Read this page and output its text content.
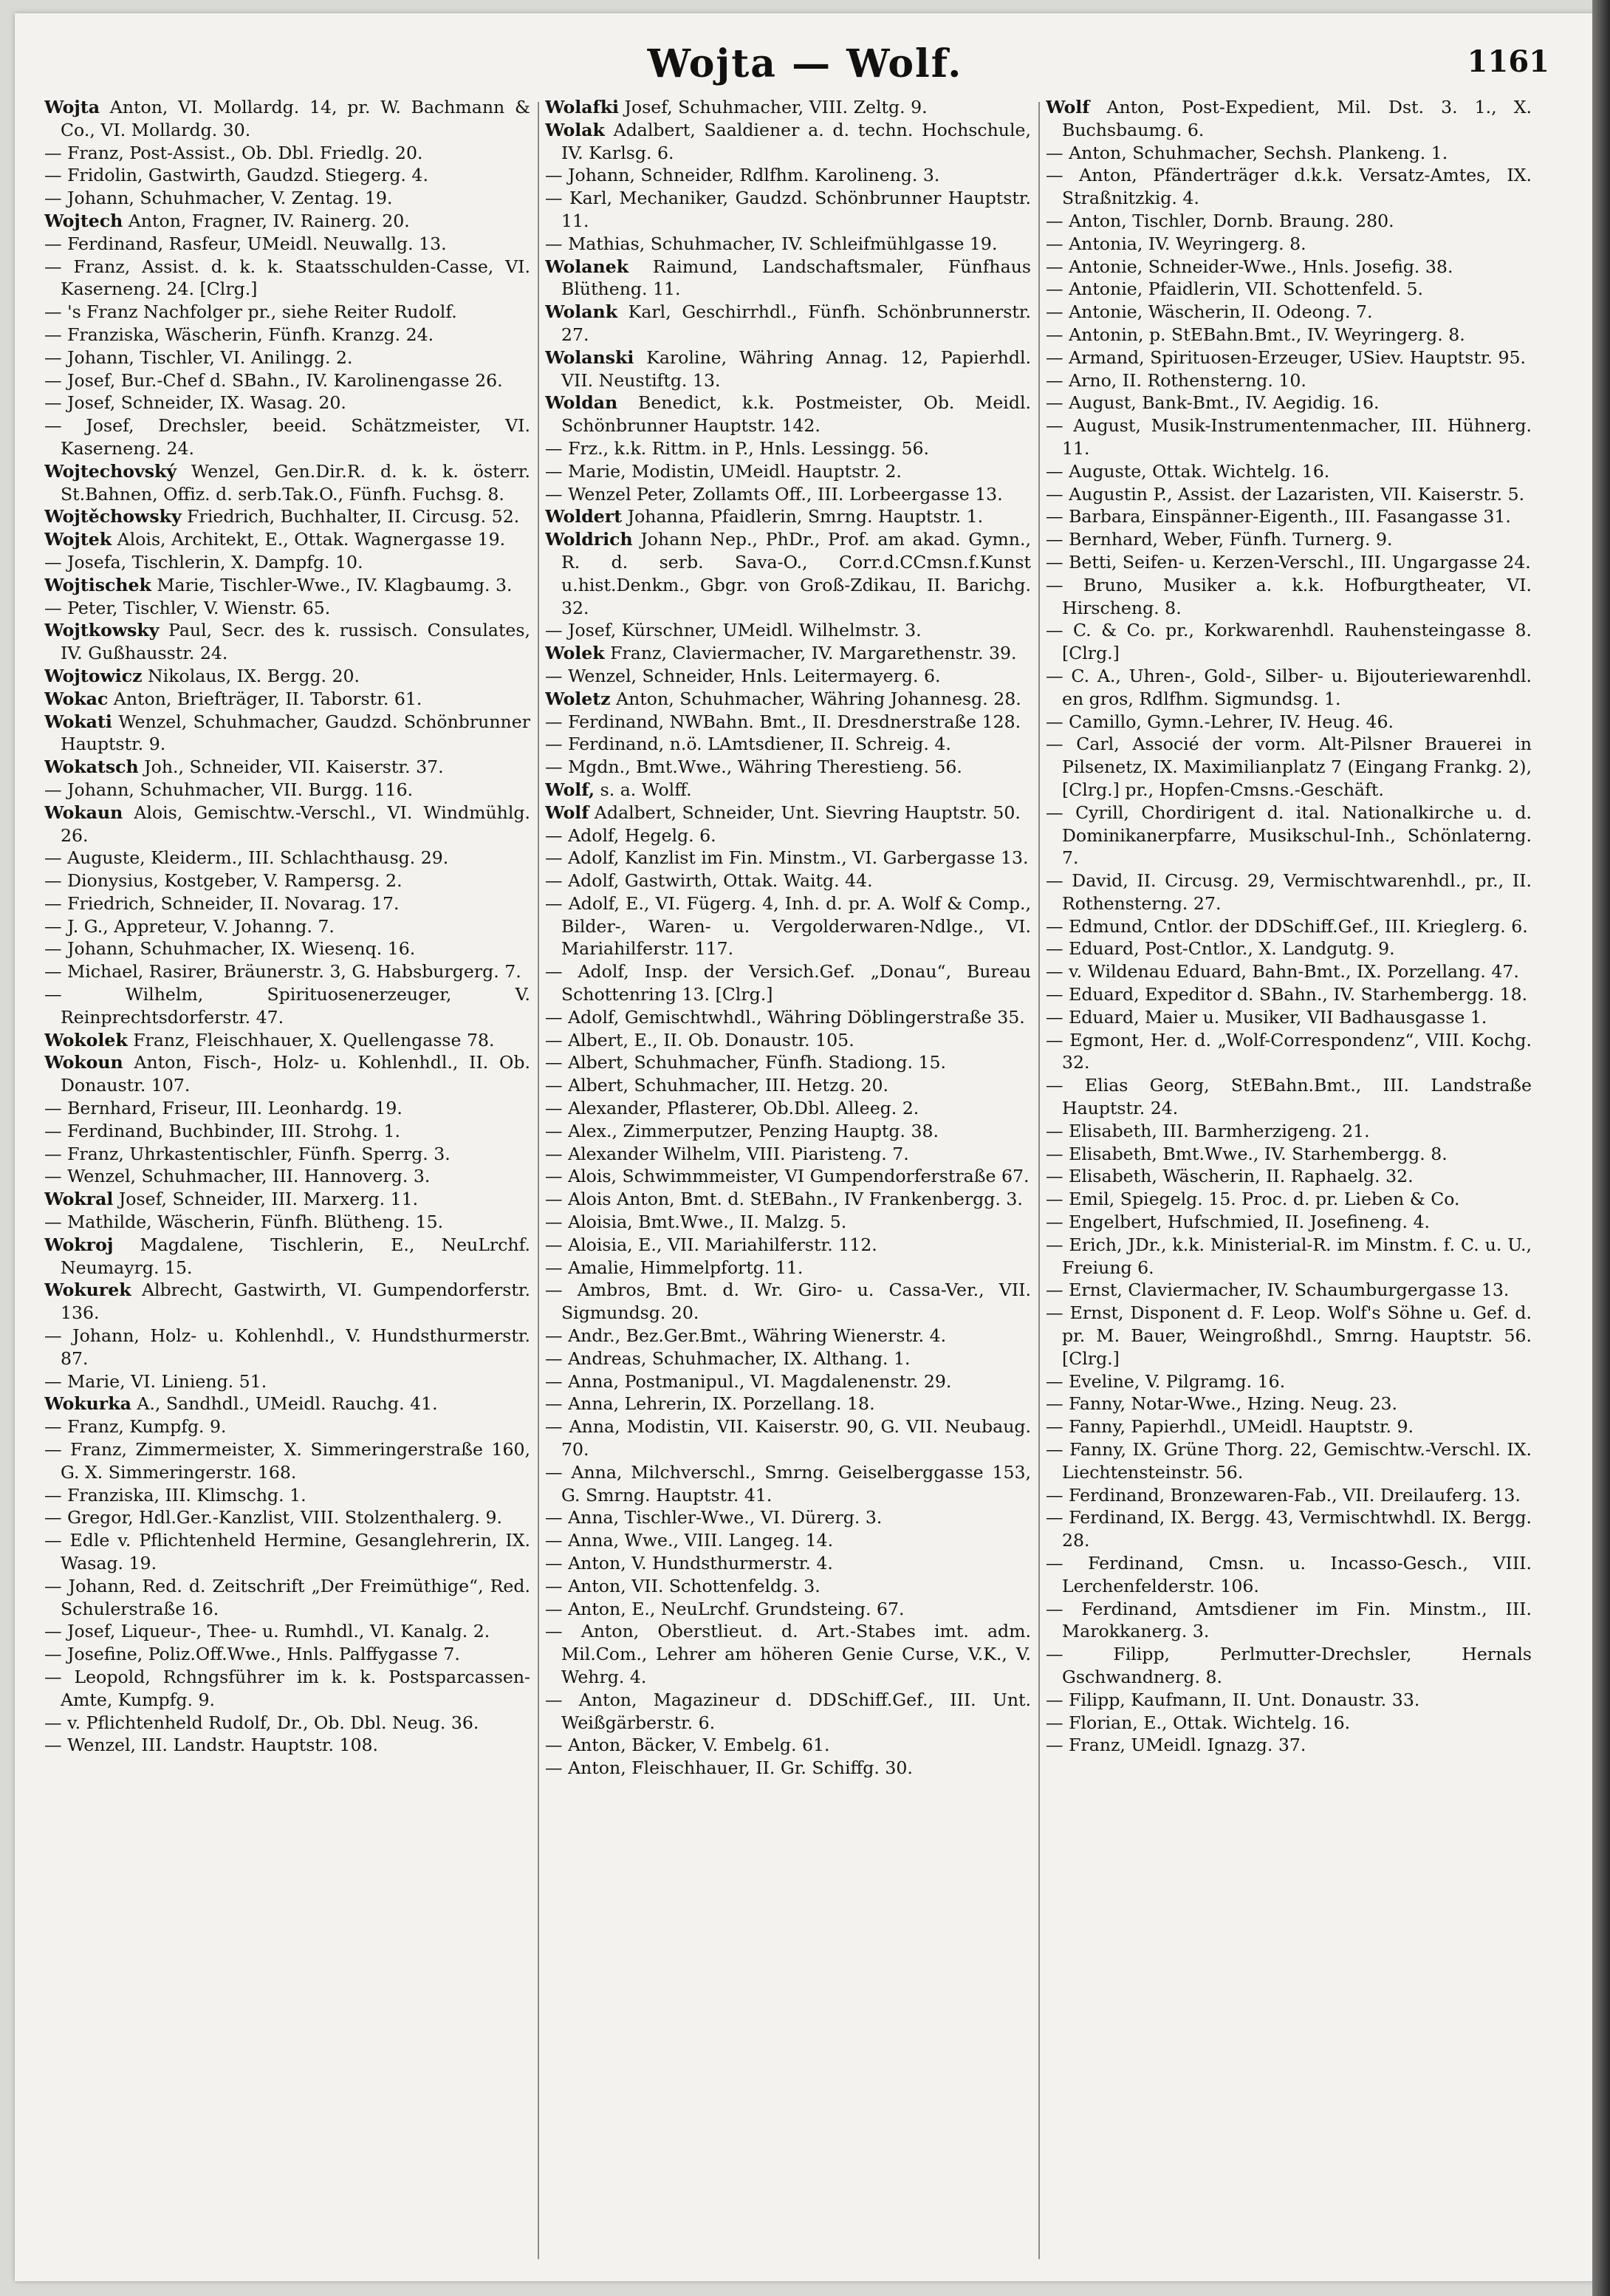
Wojta — Wolf.	1161

Wojta Anton, VI. Mollardg. 14, pr. W. Bachmann & Co., VI. Mollardg. 30.

— Franz, Post-Assist., Ob. Dbl. Friedlg. 20.

— Fridolin, Gastwirth, Gaudzd. Stiegerg. 4.

— Johann, Schuhmacher, V. Zentag. 19.

Wojtech Anton, Fragner, IV. Rainerg. 20.

— Ferdinand, Rasfeur, UMeidl. Neuwallg. 13.

— Franz, Assist. d. k. k. Staatsschulden-Casse, VI. Kaserneng. 24. [Clrg.]

— 's Franz Nachfolger pr., siehe Reiter Rudolf.

— Franziska, Wäscherin, Fünfh. Kranzg. 24.

— Johann, Tischler, VI. Anilingg. 2.

— Josef, Bur.-Chef d. SBahn., IV. Karolinengasse 26.

— Josef, Schneider, IX. Wasag. 20.

— Josef, Drechsler, beeid. Schätzmeister, VI. Kaserneng. 24.

Wojtechovský Wenzel, Gen.Dir.R. d. k. k. österr. St.Bahnen, Offiz. d. serb.Tak.O., Fünfh. Fuchsg. 8.

Wojtěchowsky Friedrich, Buchhalter, II. Circusg. 52.

Wojtek Alois, Architekt, E., Ottak. Wagnergasse 19.

— Josefa, Tischlerin, X. Dampfg. 10.

Wojtischek Marie, Tischler-Wwe., IV. Klagbaumg. 3.

— Peter, Tischler, V. Wienstr. 65.

Wojtkowsky Paul, Secr. des k. russisch. Consulates, IV. Gußhausstr. 24.

Wojtowicz Nikolaus, IX. Bergg. 20.

Wokac Anton, Briefträger, II. Taborstr. 61.

Wokati Wenzel, Schuhmacher, Gaudzd. Schönbrunner Hauptstr. 9.

Wokatsch Joh., Schneider, VII. Kaiserstr. 37.

— Johann, Schuhmacher, VII. Burgg. 116.

Wokaun Alois, Gemischtw.-Verschl., VI. Windmühlg. 26.

— Auguste, Kleiderm., III. Schlachthausg. 29.

— Dionysius, Kostgeber, V. Rampersg. 2.

— Friedrich, Schneider, II. Novarag. 17.

— J. G., Appreteur, V. Johanng. 7.

— Johann, Schuhmacher, IX. Wiesenq. 16.

— Michael, Rasirer, Bräunerstr. 3, G. Habsburgerg. 7.

— Wilhelm, Spirituosenerzeuger, V. Reinprechtsdorferstr. 47.

Wokolek Franz, Fleischhauer, X. Quellengasse 78.

Wokoun Anton, Fisch-, Holz- u. Kohlenhdl., II. Ob. Donaustr. 107.

— Bernhard, Friseur, III. Leonhardg. 19.

— Ferdinand, Buchbinder, III. Strohg. 1.

— Franz, Uhrkastentischler, Fünfh. Sperrg. 3.

— Wenzel, Schuhmacher, III. Hannoverg. 3.

Wokral Josef, Schneider, III. Marxerg. 11.

— Mathilde, Wäscherin, Fünfh. Blütheng. 15.

Wokroj Magdalene, Tischlerin, E., NeuLrchf. Neumayrg. 15.

Wokurek Albrecht, Gastwirth, VI. Gumpendorferstr. 136.

— Johann, Holz- u. Kohlenhdl., V. Hundsthurmerstr. 87.

— Marie, VI. Linieng. 51.

Wokurka A., Sandhdl., UMeidl. Rauchg. 41.

— Franz, Kumpfg. 9.

— Franz, Zimmermeister, X. Simmeringerstraße 160, G. X. Simmeringerstr. 168.

— Franziska, III. Klimschg. 1.

— Gregor, Hdl.Ger.-Kanzlist, VIII. Stolzenthalerg. 9.

— Edle v. Pflichtenheld Hermine, Gesanglehrerin, IX. Wasag. 19.

— Johann, Red. d. Zeitschrift „Der Freimüthige“, Red. Schulerstraße 16.

— Josef, Liqueur-, Thee- u. Rumhdl., VI. Kanalg. 2.

— Josefine, Poliz.Off.Wwe., Hnls. Palffygasse 7.

— Leopold, Rchngsführer im k. k. Postsparcassen-Amte, Kumpfg. 9.

— v. Pflichtenheld Rudolf, Dr., Ob. Dbl. Neug. 36.

— Wenzel, III. Landstr. Hauptstr. 108.

Wolafki Josef, Schuhmacher, VIII. Zeltg. 9.

Wolak Adalbert, Saaldiener a. d. techn. Hochschule, IV. Karlsg. 6.

— Johann, Schneider, Rdlfhm. Karolineng. 3.

— Karl, Mechaniker, Gaudzd. Schönbrunner Hauptstr. 11.

— Mathias, Schuhmacher, IV. Schleifmühlgasse 19.

Wolanek Raimund, Landschaftsmaler, Fünfhaus Blütheng. 11.

Wolank Karl, Geschirrhdl., Fünfh. Schönbrunnerstr. 27.

Wolanski Karoline, Währing Annag. 12, Papierhdl. VII. Neustiftg. 13.

Woldan Benedict, k.k. Postmeister, Ob. Meidl. Schönbrunner Hauptstr. 142.

— Frz., k.k. Rittm. in P., Hnls. Lessingg. 56.

— Marie, Modistin, UMeidl. Hauptstr. 2.

— Wenzel Peter, Zollamts Off., III. Lorbeergasse 13.

Woldert Johanna, Pfaidlerin, Smrng. Hauptstr. 1.

Woldrich Johann Nep., PhDr., Prof. am akad. Gymn., R. d. serb. Sava-O., Corr.d.CCmsn.f.Kunst u.hist.Denkm., Gbgr. von Groß-Zdikau, II. Barichg. 32.

— Josef, Kürschner, UMeidl. Wilhelmstr. 3.

Wolek Franz, Claviermacher, IV. Margarethenstr. 39.

— Wenzel, Schneider, Hnls. Leitermayerg. 6.

Woletz Anton, Schuhmacher, Währing Johannesg. 28.

— Ferdinand, NWBahn. Bmt., II. Dresdnerstraße 128.

— Ferdinand, n.ö. LAmtsdiener, II. Schreig. 4.

— Mgdn., Bmt.Wwe., Währing Therestieng. 56.

Wolf, s. a. Wolff.

Wolf Adalbert, Schneider, Unt. Sievring Hauptstr. 50.

— Adolf, Hegelg. 6.

— Adolf, Kanzlist im Fin. Minstm., VI. Garbergasse 13.

— Adolf, Gastwirth, Ottak. Waitg. 44.

— Adolf, E., VI. Fügerg. 4, Inh. d. pr. A. Wolf & Comp., Bilder-, Waren- u. Vergolderwaren-Ndlge., VI. Mariahilferstr. 117.

— Adolf, Insp. der Versich.Gef. „Donau“, Bureau Schottenring 13. [Clrg.]

— Adolf, Gemischtwhdl., Währing Döblingerstraße 35.

— Albert, E., II. Ob. Donaustr. 105.

— Albert, Schuhmacher, Fünfh. Stadiong. 15.

— Albert, Schuhmacher, III. Hetzg. 20.

— Alexander, Pflasterer, Ob.Dbl. Alleeg. 2.

— Alex., Zimmerputzer, Penzing Hauptg. 38.

— Alexander Wilhelm, VIII. Piaristeng. 7.

— Alois, Schwimmmeister, VI Gumpendorferstraße 67.

— Alois Anton, Bmt. d. StEBahn., IV Frankenbergg. 3.

— Aloisia, Bmt.Wwe., II. Malzg. 5.

— Aloisia, E., VII. Mariahilferstr. 112.

— Amalie, Himmelpfortg. 11.

— Ambros, Bmt. d. Wr. Giro- u. Cassa-Ver., VII. Sigmundsg. 20.

— Andr., Bez.Ger.Bmt., Währing Wienerstr. 4.

— Andreas, Schuhmacher, IX. Althang. 1.

— Anna, Postmanipul., VI. Magdalenenstr. 29.

— Anna, Lehrerin, IX. Porzellang. 18.

— Anna, Modistin, VII. Kaiserstr. 90, G. VII. Neubaug. 70.

— Anna, Milchverschl., Smrng. Geiselberggasse 153, G. Smrng. Hauptstr. 41.

— Anna, Tischler-Wwe., VI. Dürerg. 3.

— Anna, Wwe., VIII. Langeg. 14.

— Anton, V. Hundsthurmerstr. 4.

— Anton, VII. Schottenfeldg. 3.

— Anton, E., NeuLrchf. Grundsteing. 67.

— Anton, Oberstlieut. d. Art.-Stabes imt. adm. Mil.Com., Lehrer am höheren Genie Curse, V.K., V. Wehrg. 4.

— Anton, Magazineur d. DDSchiff.Gef., III. Unt. Weißgärberstr. 6.

— Anton, Bäcker, V. Embelg. 61.

— Anton, Fleischhauer, II. Gr. Schiffg. 30.

Wolf Anton, Post-Expedient, Mil. Dst. 3. 1., X. Buchsbaumg. 6.

— Anton, Schuhmacher, Sechsh. Plankeng. 1.

— Anton, Pfänderträger d.k.k. Versatz-Amtes, IX. Straßnitzkig. 4.

— Anton, Tischler, Dornb. Braung. 280.

— Antonia, IV. Weyringerg. 8.

— Antonie, Schneider-Wwe., Hnls. Josefig. 38.

— Antonie, Pfaidlerin, VII. Schottenfeld. 5.

— Antonie, Wäscherin, II. Odeong. 7.

— Antonin, p. StEBahn.Bmt., IV. Weyringerg. 8.

— Armand, Spirituosen-Erzeuger, USiev. Hauptstr. 95.

— Arno, II. Rothensterng. 10.

— August, Bank-Bmt., IV. Aegidig. 16.

— August, Musik-Instrumentenmacher, III. Hühnerg. 11.

— Auguste, Ottak. Wichtelg. 16.

— Augustin P., Assist. der Lazaristen, VII. Kaiserstr. 5.

— Barbara, Einspänner-Eigenth., III. Fasangasse 31.

— Bernhard, Weber, Fünfh. Turnerg. 9.

— Betti, Seifen- u. Kerzen-Verschl., III. Ungargasse 24.

— Bruno, Musiker a. k.k. Hofburgtheater, VI. Hirscheng. 8.

— C. & Co. pr., Korkwarenhdl. Rauhensteingasse 8. [Clrg.]

— C. A., Uhren-, Gold-, Silber- u. Bijouteriewarenhdl. en gros, Rdlfhm. Sigmundsg. 1.

— Camillo, Gymn.-Lehrer, IV. Heug. 46.

— Carl, Associé der vorm. Alt-Pilsner Brauerei in Pilsenetz, IX. Maximilianplatz 7 (Eingang Frankg. 2), [Clrg.] pr., Hopfen-Cmsns.-Geschäft.

— Cyrill, Chordirigent d. ital. Nationalkirche u. d. Dominikanerpfarre, Musikschul-Inh., Schönlaterng. 7.

— David, II. Circusg. 29, Vermischtwarenhdl., pr., II. Rothensterng. 27.

— Edmund, Cntlor. der DDSchiff.Gef., III. Krieglerg. 6.

— Eduard, Post-Cntlor., X. Landgutg. 9.

— v. Wildenau Eduard, Bahn-Bmt., IX. Porzellang. 47.

— Eduard, Expeditor d. SBahn., IV. Starhembergg. 18.

— Eduard, Maier u. Musiker, VII Badhausgasse 1.

— Egmont, Her. d. „Wolf-Correspondenz“, VIII. Kochg. 32.

— Elias Georg, StEBahn.Bmt., III. Landstraße Hauptstr. 24.

— Elisabeth, III. Barmherzigeng. 21.

— Elisabeth, Bmt.Wwe., IV. Starhembergg. 8.

— Elisabeth, Wäscherin, II. Raphaelg. 32.

— Emil, Spiegelg. 15. Proc. d. pr. Lieben & Co.

— Engelbert, Hufschmied, II. Josefineng. 4.

— Erich, JDr., k.k. Ministerial-R. im Minstm. f. C. u. U., Freiung 6.

— Ernst, Claviermacher, IV. Schaumburgergasse 13.

— Ernst, Disponent d. F. Leop. Wolf's Söhne u. Gef. d. pr. M. Bauer, Weingroßhdl., Smrng. Hauptstr. 56. [Clrg.]

— Eveline, V. Pilgramg. 16.

— Fanny, Notar-Wwe., Hzing. Neug. 23.

— Fanny, Papierhdl., UMeidl. Hauptstr. 9.

— Fanny, IX. Grüne Thorg. 22, Gemischtw.-Verschl. IX. Liechtensteinstr. 56.

— Ferdinand, Bronzewaren-Fab., VII. Dreilauferg. 13.

— Ferdinand, IX. Bergg. 43, Vermischtwhdl. IX. Bergg. 28.

— Ferdinand, Cmsn. u. Incasso-Gesch., VIII. Lerchenfelderstr. 106.

— Ferdinand, Amtsdiener im Fin. Minstm., III. Marokkanerg. 3.

— Filipp, Perlmutter-Drechsler, Hernals Gschwandnerg. 8.

— Filipp, Kaufmann, II. Unt. Donaustr. 33.

— Florian, E., Ottak. Wichtelg. 16.

— Franz, UMeidl. Ignazg. 37.
